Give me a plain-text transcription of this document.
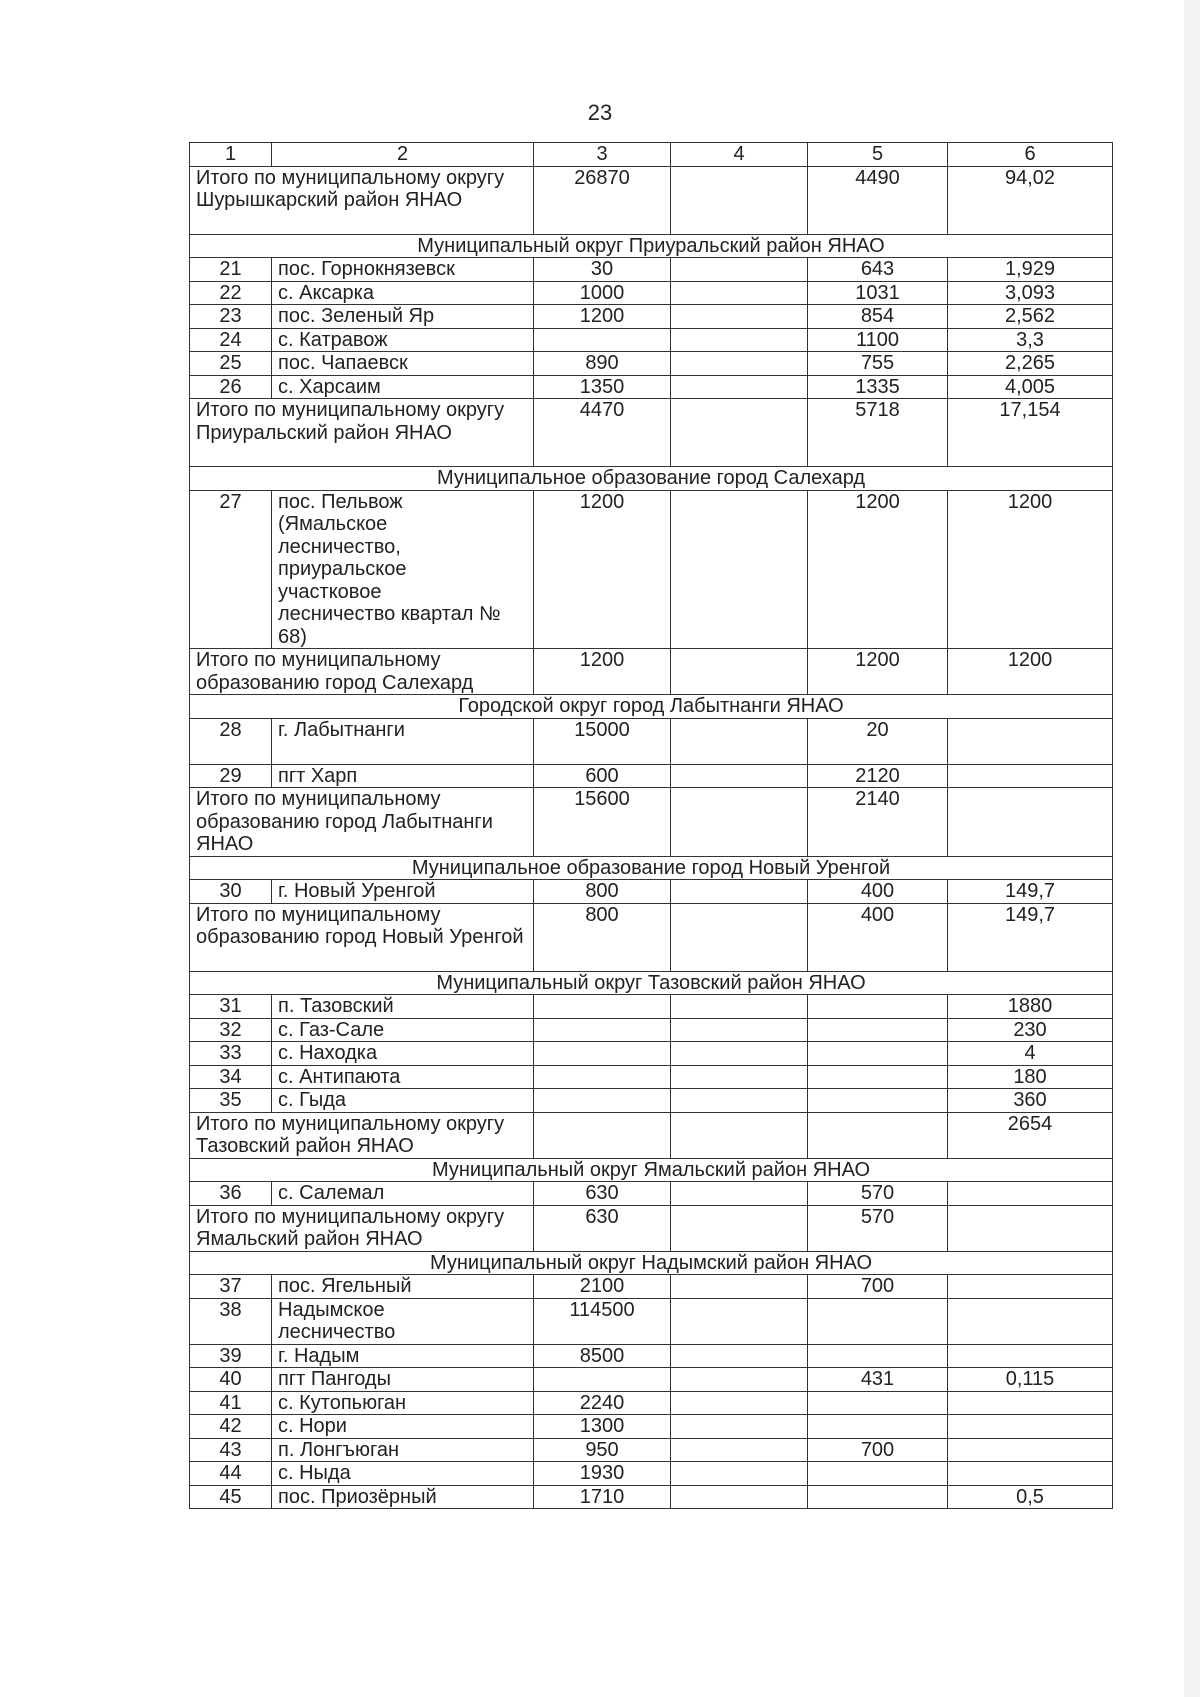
23
1	2	3	4	5	6
Итого по муниципальному округу Шурышкарский район ЯНАО		26870		4490	94,02
Муниципальный округ Приуральский район ЯНАО					
21	пос. Горнокнязевск	30		643	1,929
22	с. Аксарка	1000		1031	3,093
23	пос. Зеленый Яр	1200		854	2,562
24	с. Катравож			1100	3,3
25	пос. Чапаевск	890		755	2,265
26	с. Харсаим	1350		1335	4,005
Итого по муниципальному округу Приуральский район ЯНАО		4470		5718	17,154
Муниципальное образование город Салехард					
27	пос. Пельвож (Ямальское лесничество, приуральское участковое лесничество квартал № 68)	1200		1200	1200
Итого по муниципальному образованию город Салехард		1200		1200	1200
Городской округ город Лабытнанги ЯНАО					
28	г. Лабытнанги	15000		20	
29	пгт Харп	600		2120	
Итого по муниципальному образованию город Лабытнанги ЯНАО		15600		2140	
Муниципальное образование город Новый Уренгой					
30	г. Новый Уренгой	800		400	149,7
Итого по муниципальному образованию город Новый Уренгой		800		400	149,7
Муниципальный округ Тазовский район ЯНАО					
31	п. Тазовский				1880
32	с. Газ-Сале				230
33	с. Находка				4
34	с. Антипаюта				180
35	с. Гыда				360
Итого по муниципальному округу Тазовский район ЯНАО					2654
Муниципальный округ Ямальский район ЯНАО					
36	с. Салемал	630		570	
Итого по муниципальному округу Ямальский район ЯНАО		630		570	
Муниципальный округ Надымский район ЯНАО					
37	пос. Ягельный	2100		700	
38	Надымское лесничество	114500			
39	г. Надым	8500			
40	пгт Пангоды			431	0,115
41	с. Кутопьюган	2240			
42	с. Нори	1300			
43	п. Лонгъюган	950		700	
44	с. Ныда	1930			
45	пос. Приозёрный	1710			0,5
